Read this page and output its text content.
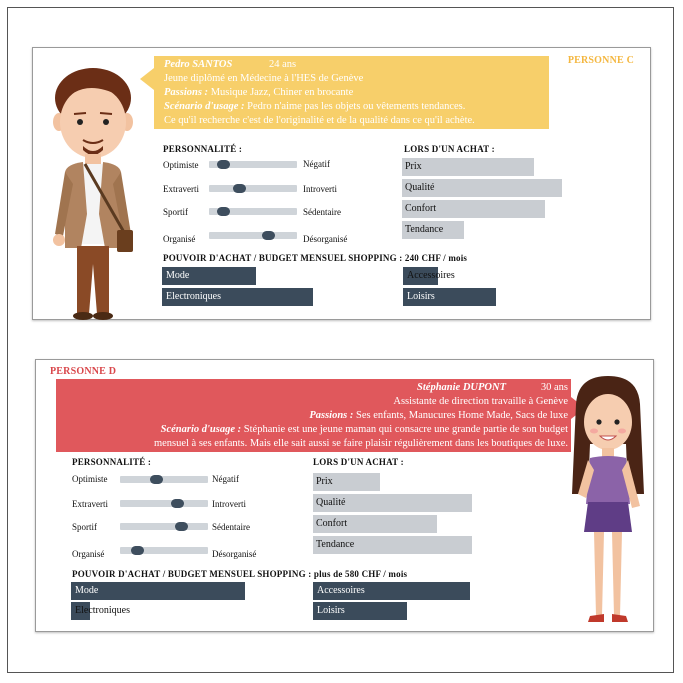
PERSONNE C
Pedro SANTOS	24 ans
Jeune diplômé en Médecine à l'HES de Genève
Passions : Musique Jazz, Chiner en brocante
Scénario d'usage : Pedro n'aime pas les objets ou vêtements tendances.
Ce qu'il recherche c'est de l'originalité et de la qualité dans ce qu'il achète.
PERSONNALITÉ :
Optimiste	Négatif
Extraverti	Introverti
Sportif	Sédentaire
Organisé	Désorganisé
LORS D'UN ACHAT :
Prix
Qualité
Confort
Tendance
POUVOIR D'ACHAT / BUDGET MENSUEL SHOPPING : 240 CHF / mois
Mode
Electroniques
Accessoires
Loisirs
PERSONNE D
Stéphanie DUPONT	30 ans
Assistante de direction travaille à Genève
Passions : Ses enfants, Manucures Home Made, Sacs de luxe
Scénario d'usage : Stéphanie est une jeune maman qui consacre une grande partie de son budget
mensuel à ses enfants. Mais elle sait aussi se faire plaisir régulièrement dans les boutiques de luxe.
PERSONNALITÉ :
Optimiste	Négatif
Extraverti	Introverti
Sportif	Sédentaire
Organisé	Désorganisé
LORS D'UN ACHAT :
Prix
Qualité
Confort
Tendance
POUVOIR D'ACHAT / BUDGET MENSUEL SHOPPING : plus de 580 CHF / mois
Mode
Electroniques
Accessoires
Loisirs
